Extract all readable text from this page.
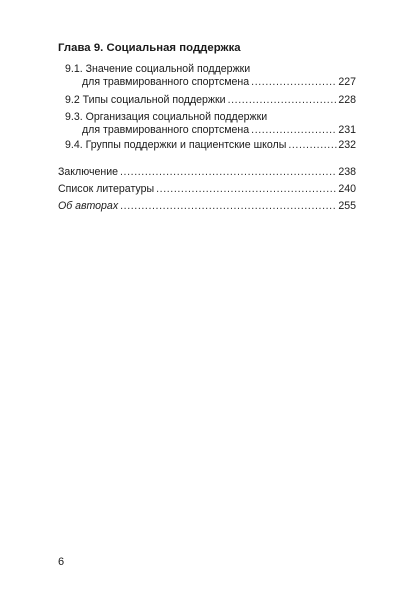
Глава 9. Социальная поддержка
9.1. Значение социальной поддержки
для травмированного спортсмена .....	227
9.2 Типы социальной поддержки .....	228
9.3. Организация социальной поддержки
для травмированного спортсмена .....	231
9.4. Группы поддержки и пациентские школы .....	232
Заключение .....	238
Список литературы .....	240
Об авторах .....	255
6
